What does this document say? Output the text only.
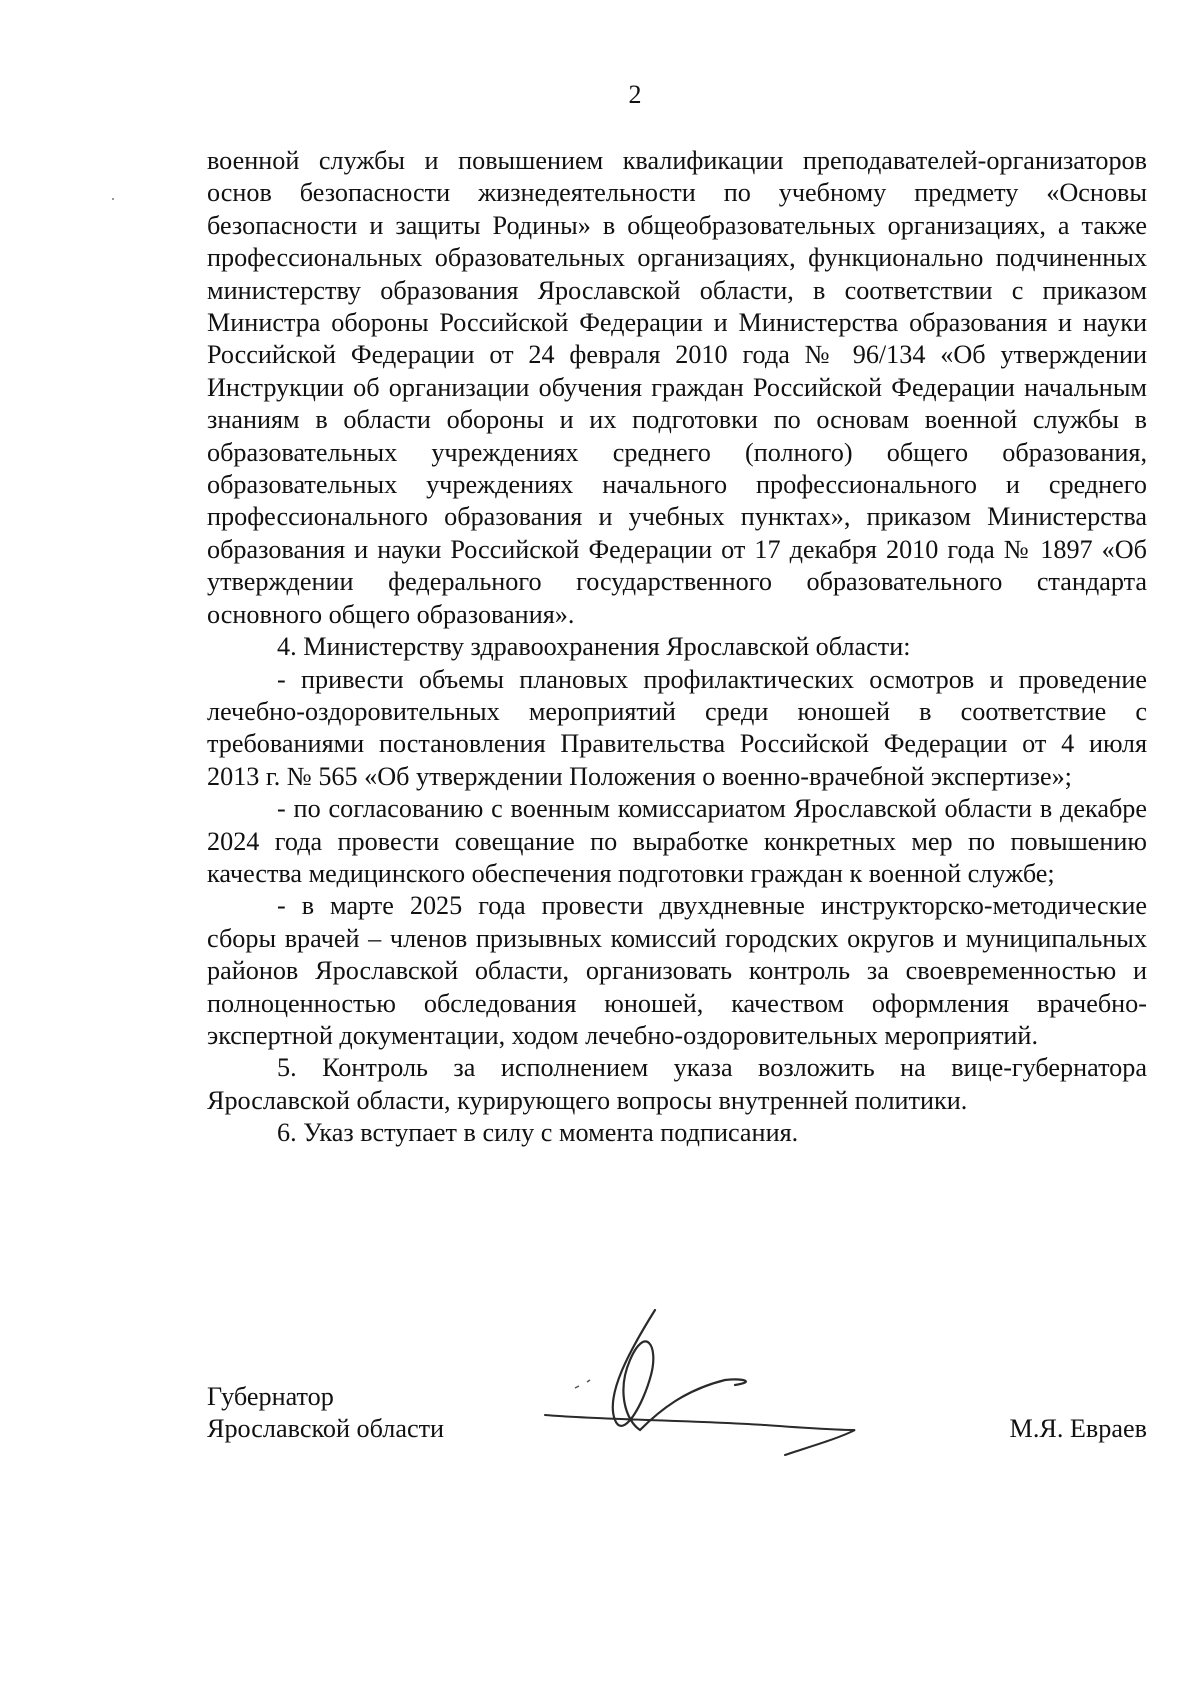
2

военной службы и повышением квалификации преподавателей-организаторов основ безопасности жизнедеятельности по учебному предмету «Основы безопасности и защиты Родины» в общеобразовательных организациях, а также профессиональных образовательных организациях, функционально подчиненных министерству образования Ярославской области, в соответствии с приказом Министра обороны Российской Федерации и Министерства образования и науки Российской Федерации от 24 февраля 2010 года № 96/134 «Об утверждении Инструкции об организации обучения граждан Российской Федерации начальным знаниям в области обороны и их подготовки по основам военной службы в образовательных учреждениях среднего (полного) общего образования, образовательных учреждениях начального профессионального и среднего профессионального образования и учебных пунктах», приказом Министерства образования и науки Российской Федерации от 17 декабря 2010 года № 1897 «Об утверждении федерального государственного образовательного стандарта основного общего образования».

4. Министерству здравоохранения Ярославской области:

- привести объемы плановых профилактических осмотров и проведение лечебно-оздоровительных мероприятий среди юношей в соответствие с требованиями постановления Правительства Российской Федерации от 4 июля 2013 г. № 565 «Об утверждении Положения о военно-врачебной экспертизе»;

- по согласованию с военным комиссариатом Ярославской области в декабре 2024 года провести совещание по выработке конкретных мер по повышению качества медицинского обеспечения подготовки граждан к военной службе;

- в марте 2025 года провести двухдневные инструкторско-методические сборы врачей – членов призывных комиссий городских округов и муниципальных районов Ярославской области, организовать контроль за своевременностью и полноценностью обследования юношей, качеством оформления врачебно-экспертной документации, ходом лечебно-оздоровительных мероприятий.

5. Контроль за исполнением указа возложить на вице-губернатора Ярославской области, курирующего вопросы внутренней политики.

6. Указ вступает в силу с момента подписания.

Губернатор
Ярославской области	М.Я. Евраев
